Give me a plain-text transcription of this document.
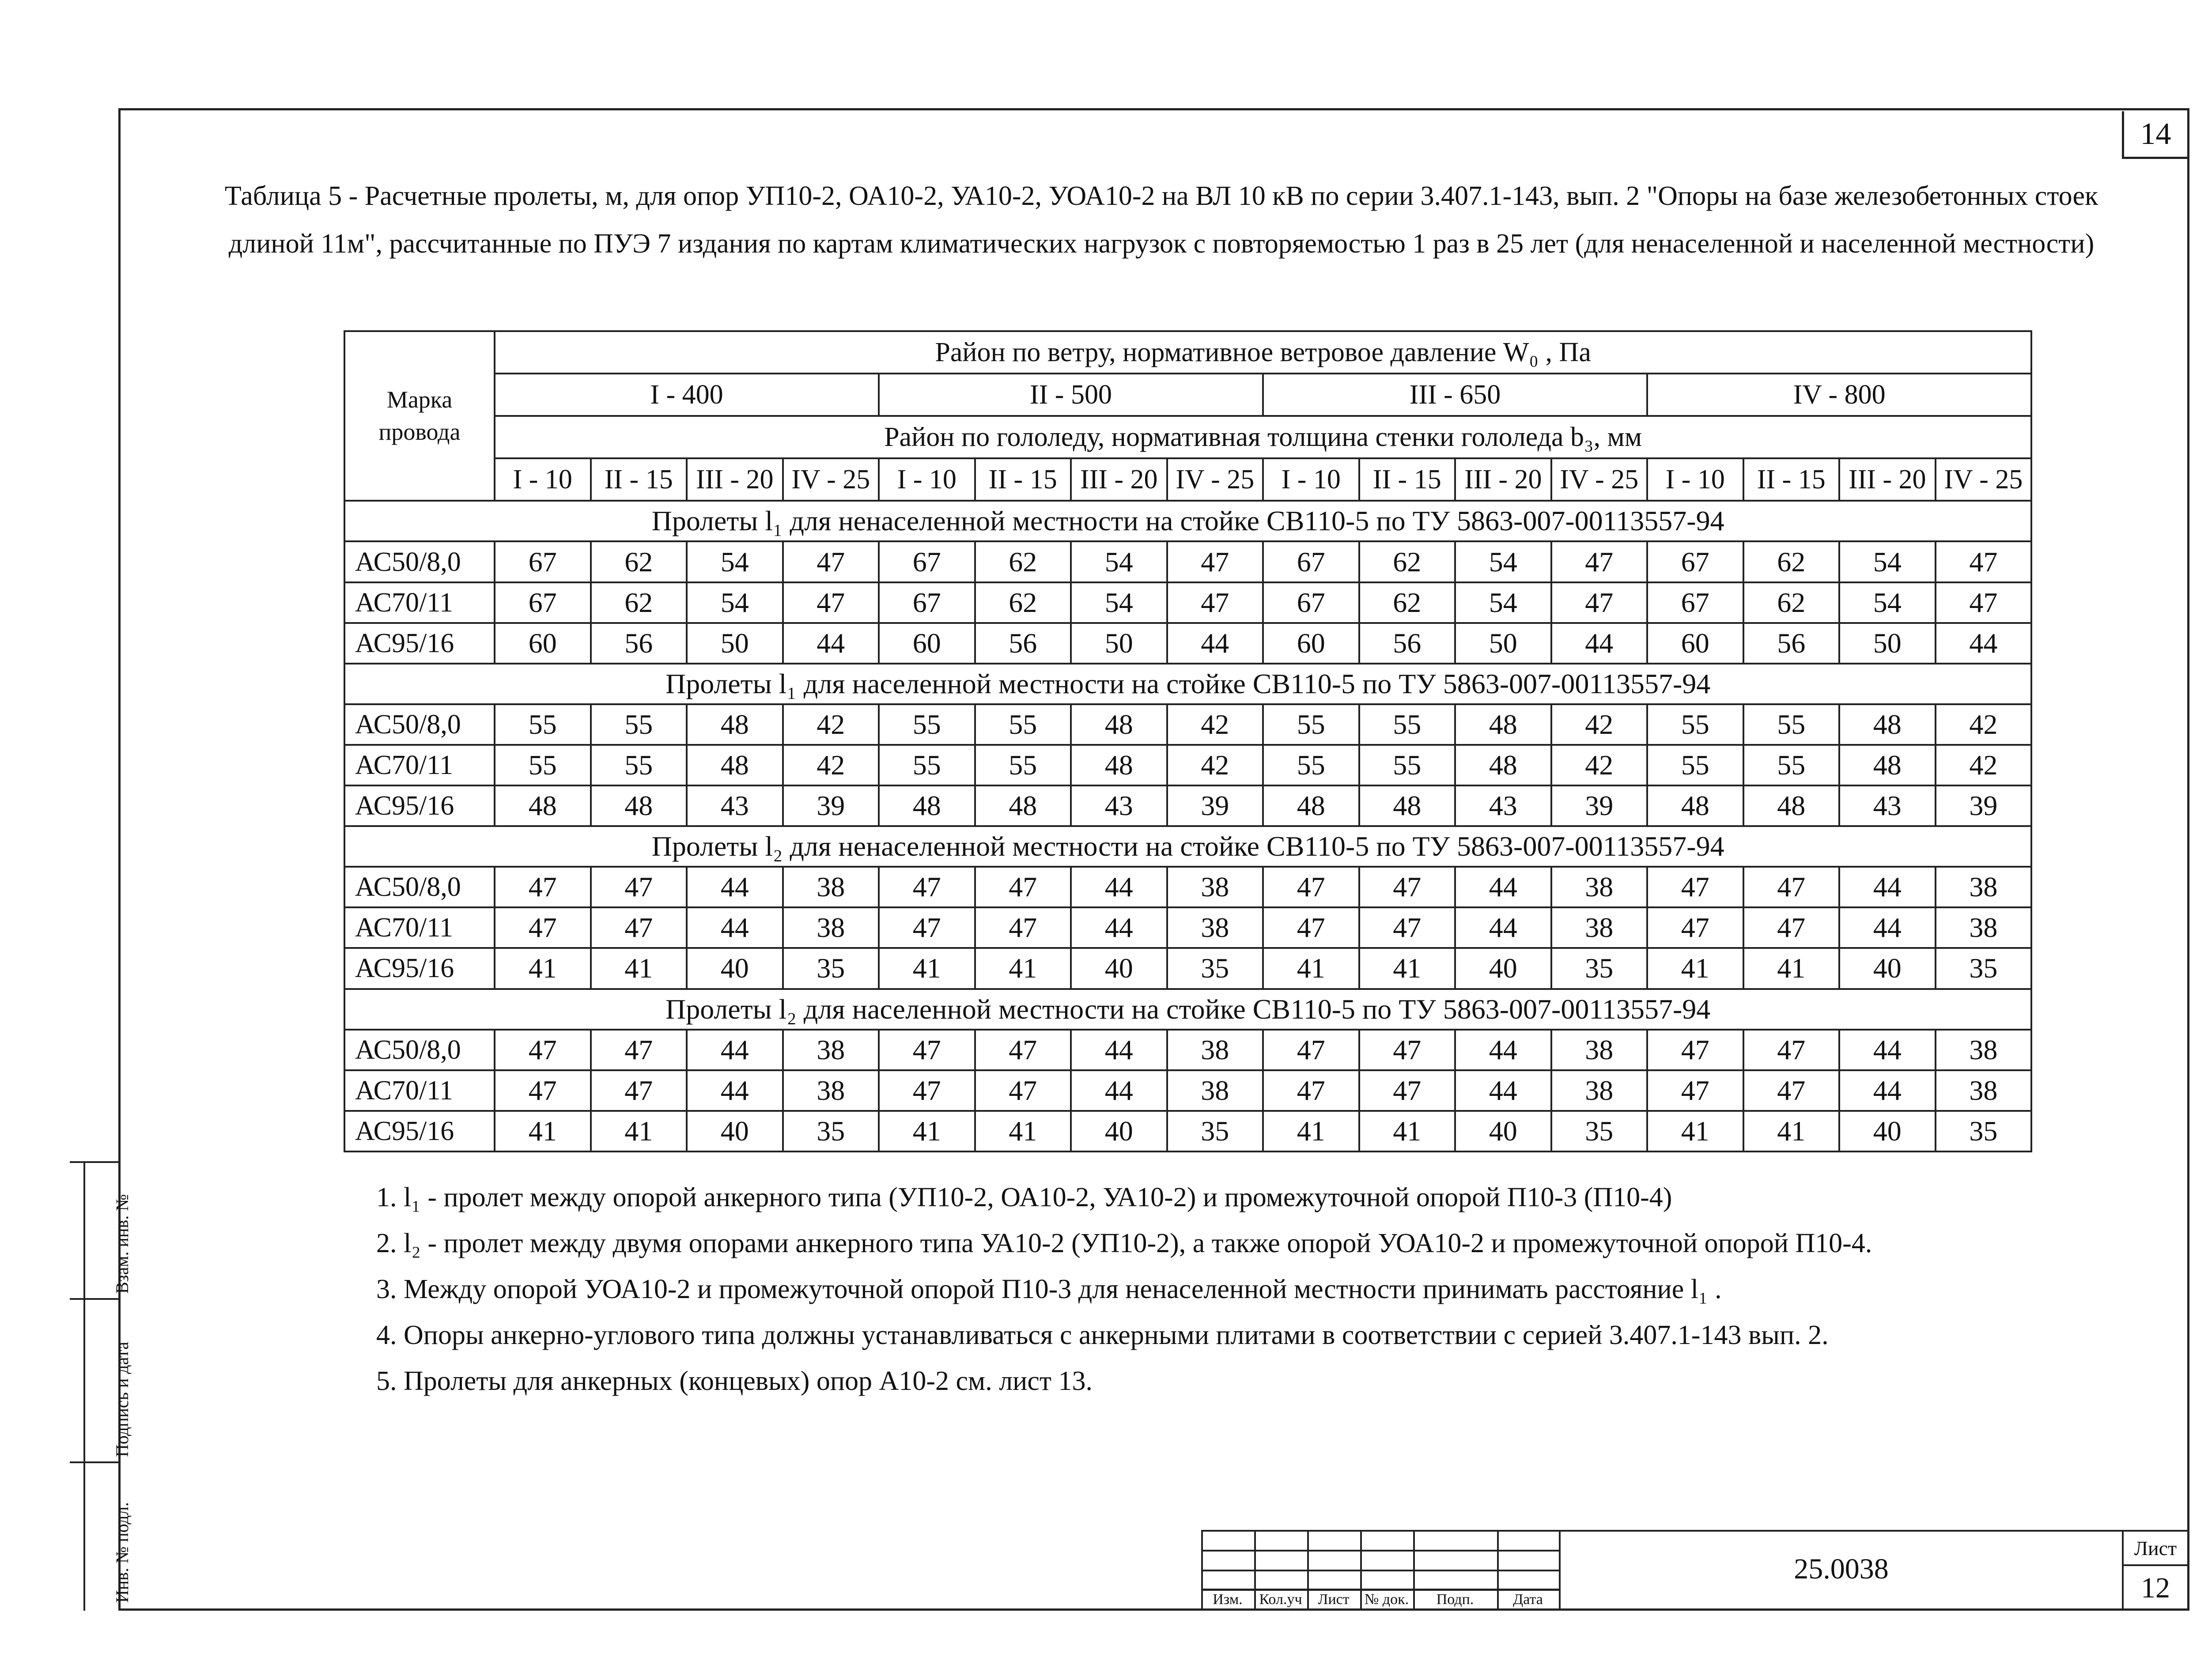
14
Таблица 5 - Расчетные пролеты, м, для опор УП10-2, ОА10-2, УА10-2, УОА10-2 на ВЛ 10 кВ по серии 3.407.1-143, вып. 2 "Опоры на базе железобетонных стоек
длиной 11м", рассчитанные по ПУЭ 7 издания по картам климатических нагрузок с повторяемостью 1 раз в 25 лет (для ненаселенной и населенной местности)
Марка провода	Район по ветру, нормативное ветровое давление W₀ , Па															
	I - 400				II - 500				III - 650				IV - 800			
	Район по гололеду, нормативная толщина стенки гололеда b₃, мм															
	I - 10	II - 15	III - 20	IV - 25	I - 10	II - 15	III - 20	IV - 25	I - 10	II - 15	III - 20	IV - 25	I - 10	II - 15	III - 20	IV - 25
Пролеты l₁ для ненаселенной местности на стойке СВ110-5 по ТУ 5863-007-00113557-94																
АС50/8,0	67	62	54	47	67	62	54	47	67	62	54	47	67	62	54	47
АС70/11	67	62	54	47	67	62	54	47	67	62	54	47	67	62	54	47
АС95/16	60	56	50	44	60	56	50	44	60	56	50	44	60	56	50	44
Пролеты l₁ для населенной местности на стойке СВ110-5 по ТУ 5863-007-00113557-94																
АС50/8,0	55	55	48	42	55	55	48	42	55	55	48	42	55	55	48	42
АС70/11	55	55	48	42	55	55	48	42	55	55	48	42	55	55	48	42
АС95/16	48	48	43	39	48	48	43	39	48	48	43	39	48	48	43	39
Пролеты l₂ для ненаселенной местности на стойке СВ110-5 по ТУ 5863-007-00113557-94																
АС50/8,0	47	47	44	38	47	47	44	38	47	47	44	38	47	47	44	38
АС70/11	47	47	44	38	47	47	44	38	47	47	44	38	47	47	44	38
АС95/16	41	41	40	35	41	41	40	35	41	41	40	35	41	41	40	35
Пролеты l₂ для населенной местности на стойке СВ110-5 по ТУ 5863-007-00113557-94																
АС50/8,0	47	47	44	38	47	47	44	38	47	47	44	38	47	47	44	38
АС70/11	47	47	44	38	47	47	44	38	47	47	44	38	47	47	44	38
АС95/16	41	41	40	35	41	41	40	35	41	41	40	35	41	41	40	35
1. l₁ - пролет между опорой анкерного типа (УП10-2, ОА10-2, УА10-2) и промежуточной опорой П10-3 (П10-4)
2. l₂ - пролет между двумя опорами анкерного типа УА10-2 (УП10-2), а также опорой УОА10-2 и промежуточной опорой П10-4.
3. Между опорой УОА10-2 и промежуточной опорой П10-3 для ненаселенной местности принимать расстояние l₁ .
4. Опоры анкерно-углового типа должны устанавливаться с анкерными плитами в соответствии с серией 3.407.1-143 вып. 2.
5. Пролеты для анкерных (концевых) опор А10-2 см. лист 13.
Изм.	Кол.уч	Лист	№ док.	Подп.	Дата
25.0038
Лист
12
Взам. инв. №
Подпись и дата
Инв. № подл.
